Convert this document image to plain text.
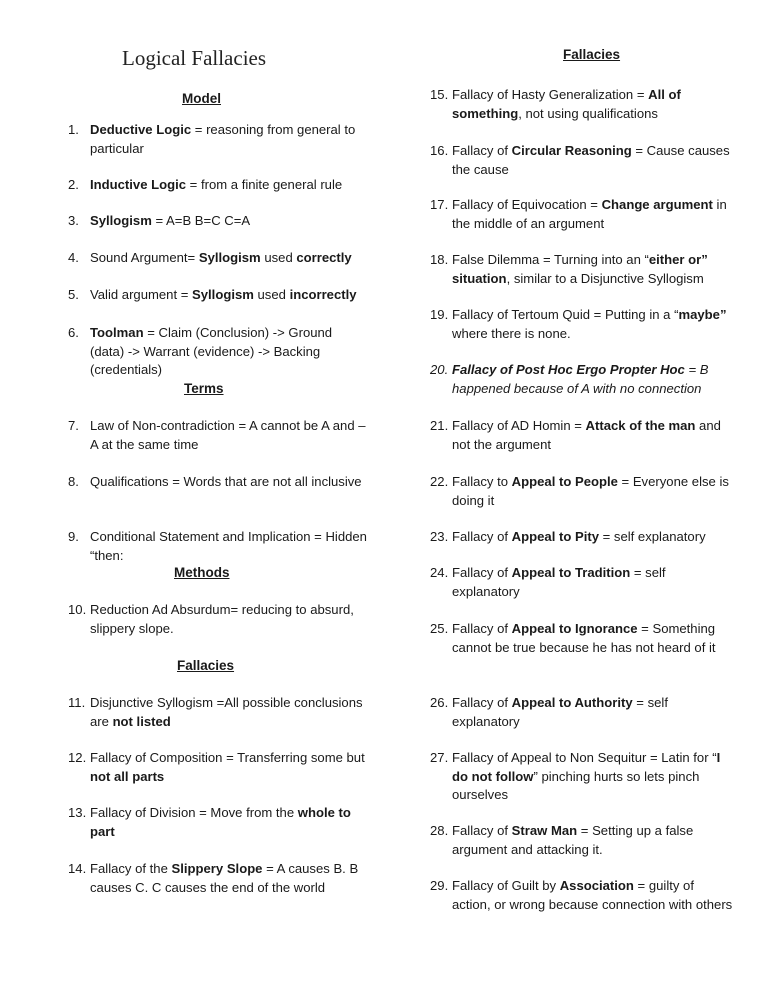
Logical Fallacies
Model
Terms
Methods
Fallacies
Fallacies
1. Deductive Logic = reasoning from general to particular
2. Inductive Logic = from a finite general rule
3. Syllogism = A=B B=C C=A
4. Sound Argument= Syllogism used correctly
5. Valid argument = Syllogism used incorrectly
6. Toolman = Claim (Conclusion) -> Ground (data) -> Warrant (evidence) -> Backing (credentials)
7. Law of Non-contradiction = A cannot be A and –A at the same time
8. Qualifications = Words that are not all inclusive
9. Conditional Statement and Implication = Hidden “then:
10. Reduction Ad Absurdum= reducing to absurd, slippery slope.
11. Disjunctive Syllogism =All possible conclusions are not listed
12. Fallacy of Composition = Transferring some but not all parts
13. Fallacy of Division = Move from the whole to part
14. Fallacy of the Slippery Slope = A causes B. B causes C. C causes the end of the world
15. Fallacy of Hasty Generalization = All of something, not using qualifications
16. Fallacy of Circular Reasoning = Cause causes the cause
17. Fallacy of Equivocation = Change argument in the middle of an argument
18. False Dilemma = Turning into an “either or” situation, similar to a Disjunctive Syllogism
19. Fallacy of Tertoum Quid = Putting in a “maybe” where there is none.
20. Fallacy of Post Hoc Ergo Propter Hoc = B happened because of A with no connection
21. Fallacy of AD Homin = Attack of the man and not the argument
22. Fallacy to Appeal to People = Everyone else is doing it
23. Fallacy of Appeal to Pity = self explanatory
24. Fallacy of Appeal to Tradition = self explanatory
25. Fallacy of Appeal to Ignorance = Something cannot be true because he has not heard of it
26. Fallacy of Appeal to Authority = self explanatory
27. Fallacy of Appeal to Non Sequitur = Latin for “I do not follow” pinching hurts so lets pinch ourselves
28. Fallacy of Straw Man = Setting up a false argument and attacking it.
29. Fallacy of Guilt by Association = guilty of action, or wrong because connection with others
